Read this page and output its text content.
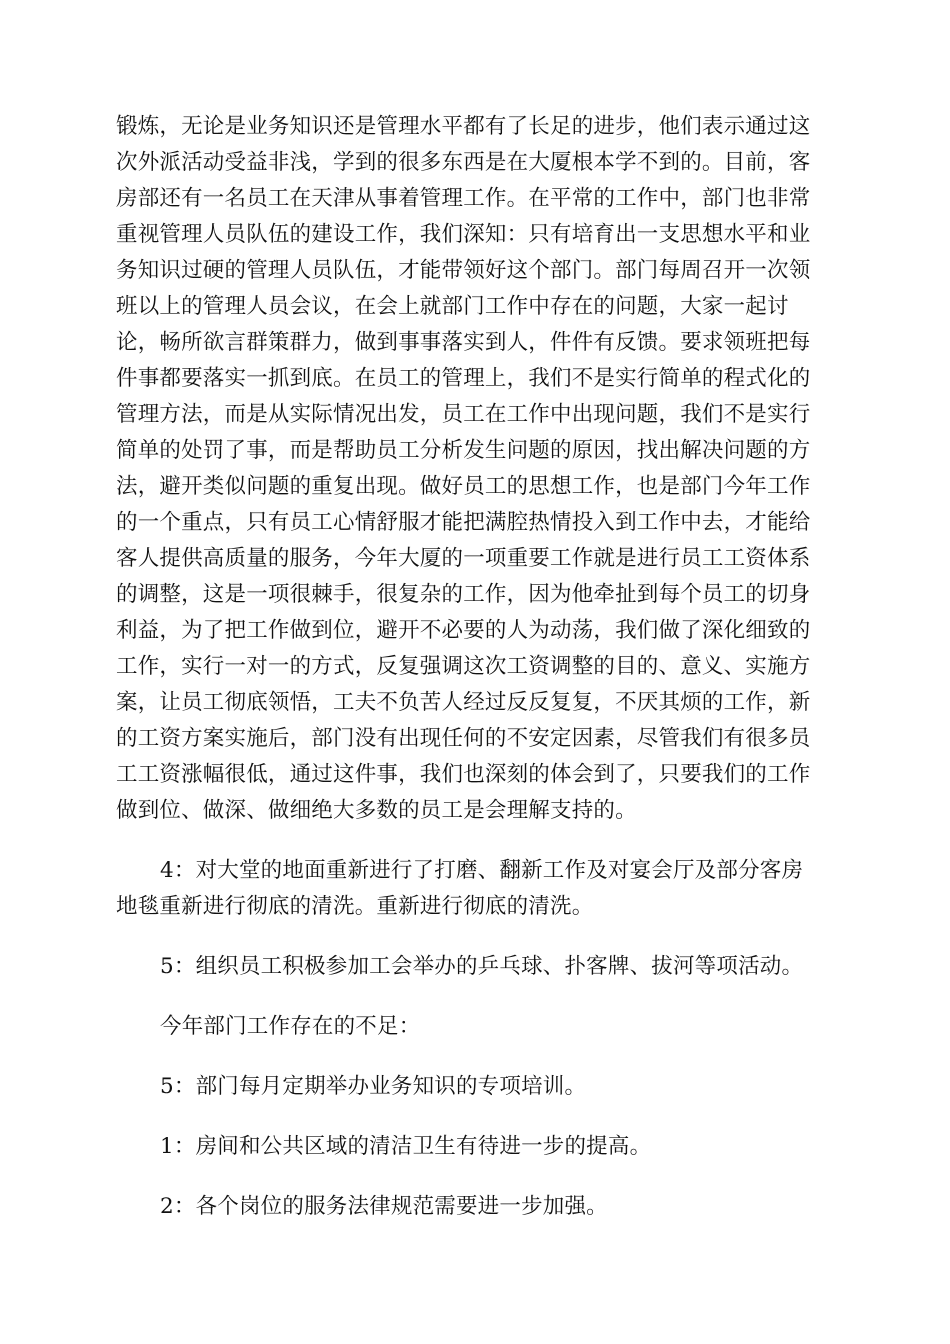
锻炼，无论是业务知识还是管理水平都有了长足的进步，他们表示通过这
次外派活动受益非浅，学到的很多东西是在大厦根本学不到的。目前，客
房部还有一名员工在天津从事着管理工作。在平常的工作中，部门也非常
重视管理人员队伍的建设工作，我们深知：只有培育出一支思想水平和业
务知识过硬的管理人员队伍，才能带领好这个部门。部门每周召开一次领
班以上的管理人员会议，在会上就部门工作中存在的问题，大家一起讨
论，畅所欲言群策群力，做到事事落实到人，件件有反馈。要求领班把每
件事都要落实一抓到底。在员工的管理上，我们不是实行简单的程式化的
管理方法，而是从实际情况出发，员工在工作中出现问题，我们不是实行
简单的处罚了事，而是帮助员工分析发生问题的原因，找出解决问题的方
法，避开类似问题的重复出现。做好员工的思想工作，也是部门今年工作
的一个重点，只有员工心情舒服才能把满腔热情投入到工作中去，才能给
客人提供高质量的服务，今年大厦的一项重要工作就是进行员工工资体系
的调整，这是一项很棘手，很复杂的工作，因为他牵扯到每个员工的切身
利益，为了把工作做到位，避开不必要的人为动荡，我们做了深化细致的
工作，实行一对一的方式，反复强调这次工资调整的目的、意义、实施方
案，让员工彻底领悟，工夫不负苦人经过反反复复，不厌其烦的工作，新
的工资方案实施后，部门没有出现任何的不安定因素，尽管我们有很多员
工工资涨幅很低，通过这件事，我们也深刻的体会到了，只要我们的工作
做到位、做深、做细绝大多数的员工是会理解支持的。
4：对大堂的地面重新进行了打磨、翻新工作及对宴会厅及部分客房
地毯重新进行彻底的清洗。重新进行彻底的清洗。
5：组织员工积极参加工会举办的乒乓球、扑客牌、拔河等项活动。
今年部门工作存在的不足：
5：部门每月定期举办业务知识的专项培训。
1：房间和公共区域的清洁卫生有待进一步的提高。
2：各个岗位的服务法律规范需要进一步加强。
